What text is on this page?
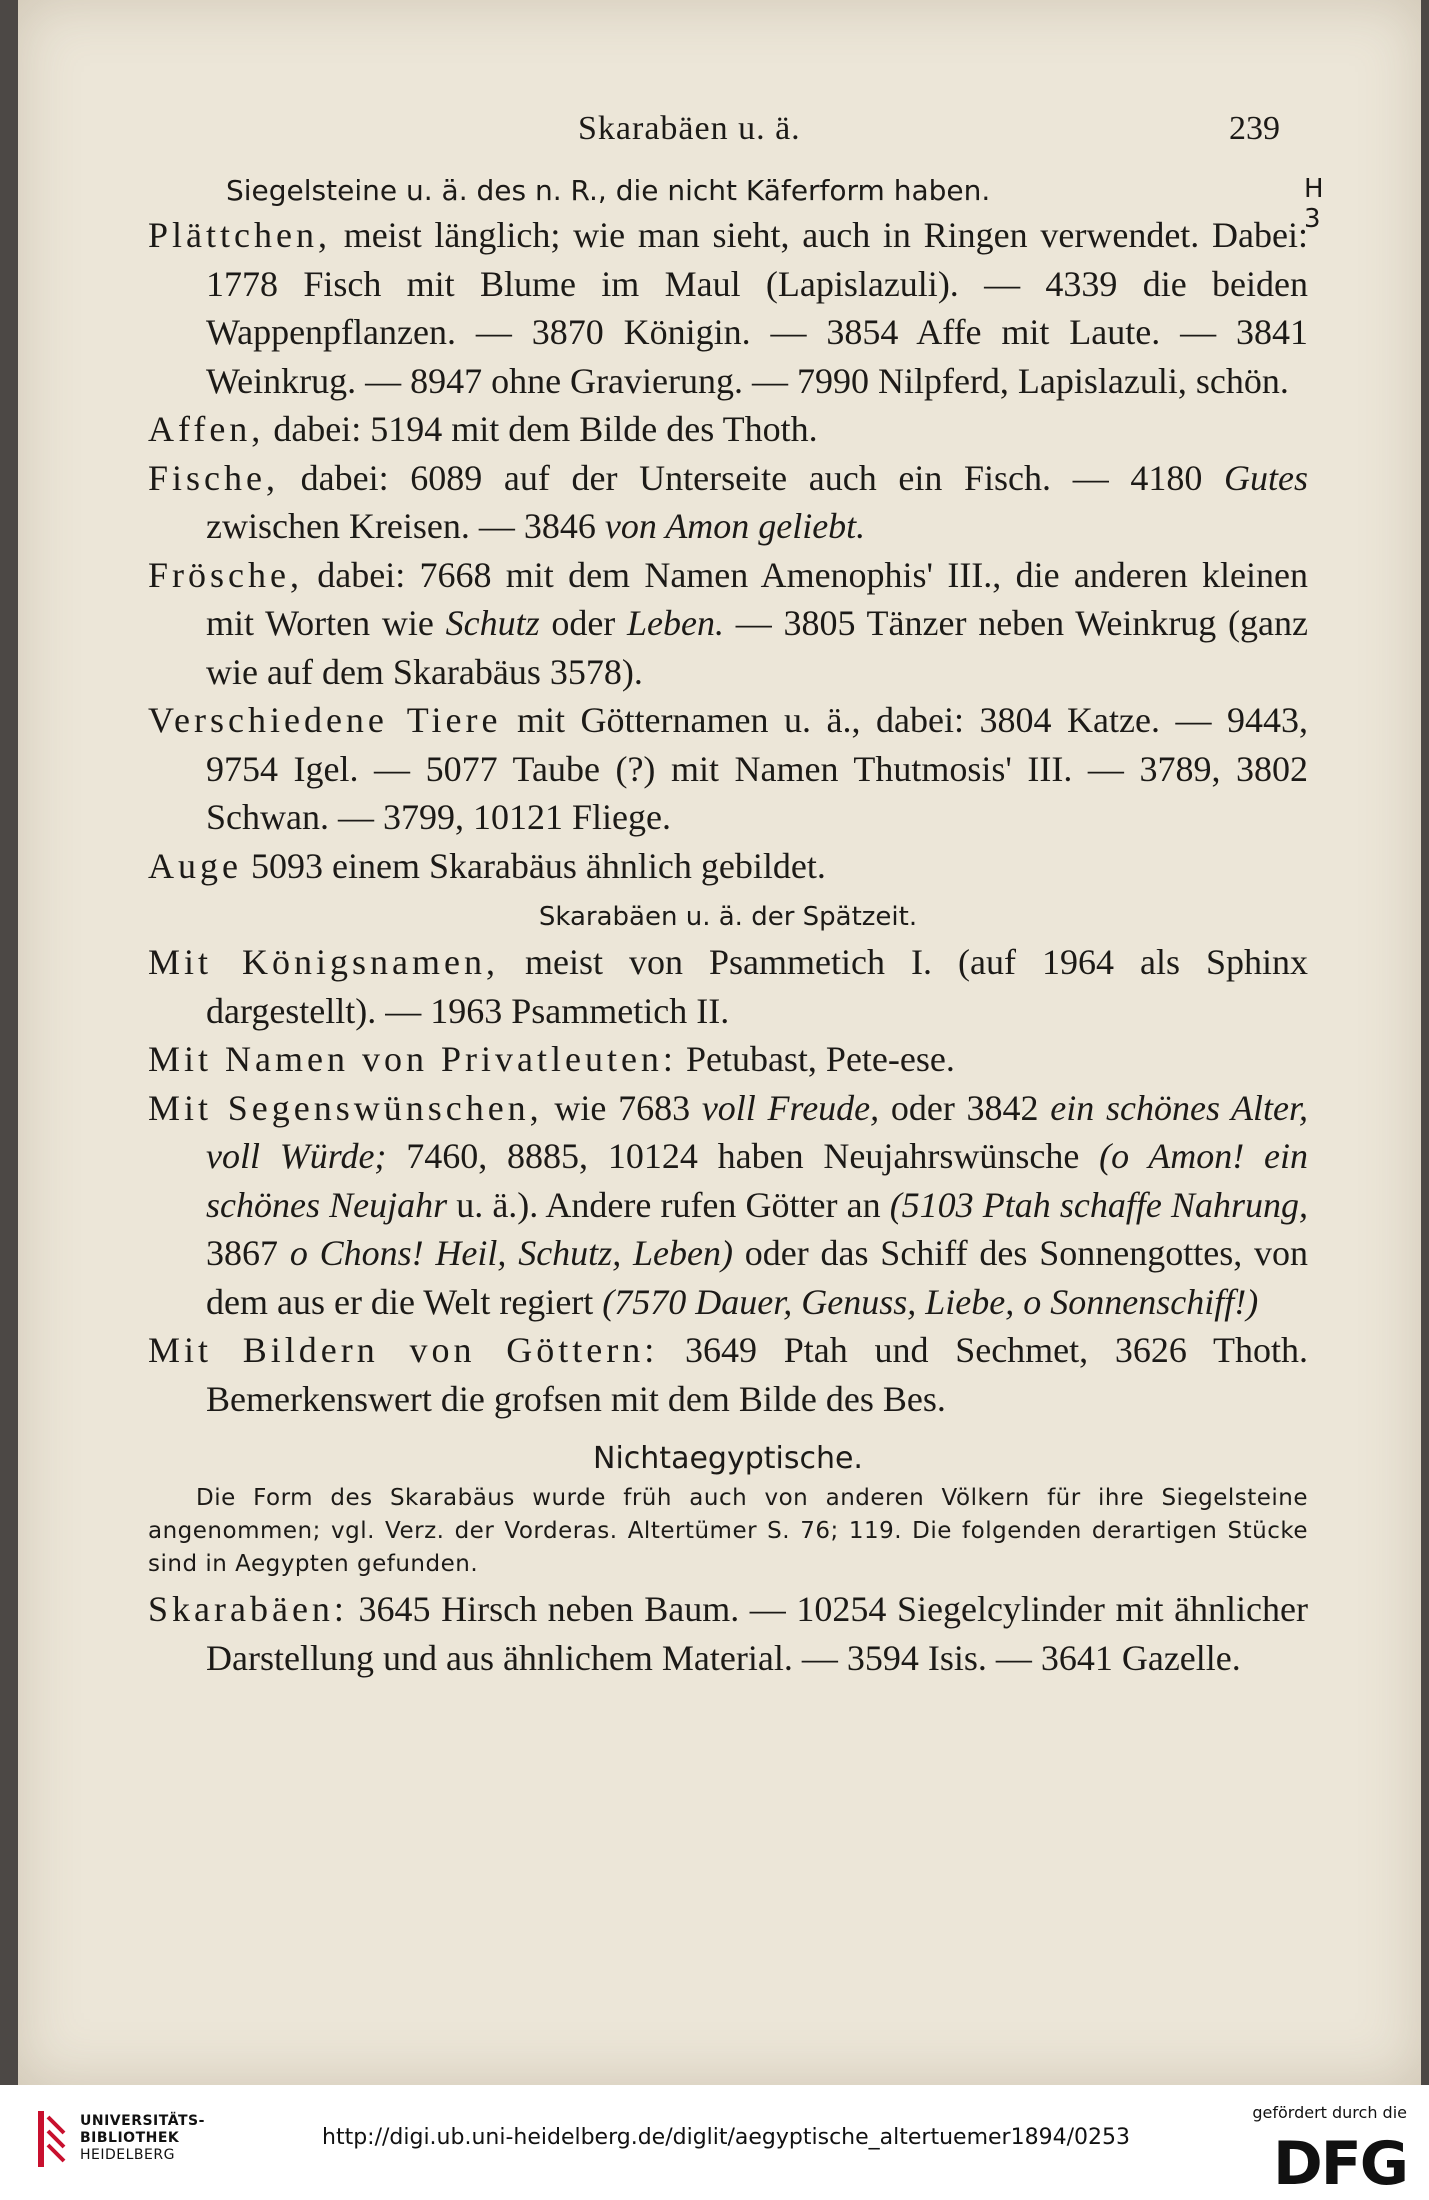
Skarabäen u. ä.	239
Siegelsteine u. ä. des n. R., die nicht Käferform haben.	H 3

Plättchen, meist länglich; wie man sieht, auch in Ringen verwendet. Dabei: 1778 Fisch mit Blume im Maul (Lapislazuli). — 4339 die beiden Wappenpflanzen. — 3870 Königin. — 3854 Affe mit Laute. — 3841 Weinkrug. — 8947 ohne Gravierung. — 7990 Nilpferd, Lapislazuli, schön.

Affen, dabei: 5194 mit dem Bilde des Thoth.

Fische, dabei: 6089 auf der Unterseite auch ein Fisch. — 4180 Gutes zwischen Kreisen. — 3846 von Amon geliebt.

Frösche, dabei: 7668 mit dem Namen Amenophis' III., die anderen kleinen mit Worten wie Schutz oder Leben. — 3805 Tänzer neben Weinkrug (ganz wie auf dem Skarabäus 3578).

Verschiedene Tiere mit Götternamen u. ä., dabei: 3804 Katze. — 9443, 9754 Igel. — 5077 Taube (?) mit Namen Thutmosis' III. — 3789, 3802 Schwan. — 3799, 10121 Fliege.

Auge 5093 einem Skarabäus ähnlich gebildet.

Skarabäen u. ä. der Spätzeit.

Mit Königsnamen, meist von Psammetich I. (auf 1964 als Sphinx dargestellt). — 1963 Psammetich II.

Mit Namen von Privatleuten: Petubast, Pete-ese.

Mit Segenswünschen, wie 7683 voll Freude, oder 3842 ein schönes Alter, voll Würde; 7460, 8885, 10124 haben Neujahrswünsche (o Amon! ein schönes Neujahr u. ä.). Andere rufen Götter an (5103 Ptah schaffe Nahrung, 3867 o Chons! Heil, Schutz, Leben) oder das Schiff des Sonnengottes, von dem aus er die Welt regiert (7570 Dauer, Genuss, Liebe, o Sonnenschiff!)

Mit Bildern von Göttern: 3649 Ptah und Sechmet, 3626 Thoth. Bemerkenswert die grofsen mit dem Bilde des Bes.

Nichtaegyptische.

Die Form des Skarabäus wurde früh auch von anderen Völkern für ihre Siegelsteine angenommen; vgl. Verz. der Vorderas. Altertümer S. 76; 119. Die folgenden derartigen Stücke sind in Aegypten gefunden.

Skarabäen: 3645 Hirsch neben Baum. — 10254 Siegelcylinder mit ähnlicher Darstellung und aus ähnlichem Material. — 3594 Isis. — 3641 Gazelle.

UNIVERSITÄTS-
BIBLIOTHEK
HEIDELBERG
http://digi.ub.uni-heidelberg.de/diglit/aegyptische_altertuemer1894/0253
gefördert durch die
DFG
